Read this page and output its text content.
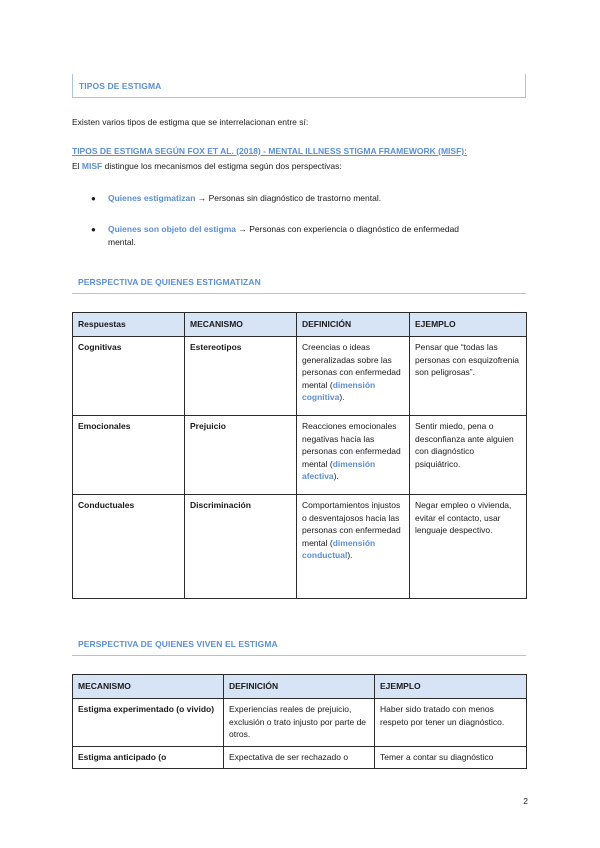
TIPOS DE ESTIGMA
Existen varios tipos de estigma que se interrelacionan entre sí:
TIPOS DE ESTIGMA SEGÚN FOX ET AL. (2018) - MENTAL ILLNESS STIGMA FRAMEWORK (MISF):
El MISF distingue los mecanismos del estigma según dos perspectivas:
● Quienes estigmatizan → Personas sin diagnóstico de trastorno mental.
● Quienes son objeto del estigma → Personas con experiencia o diagnóstico de enfermedad
mental.
PERSPECTIVA DE QUIENES ESTIGMATIZAN
Respuestas	MECANISMO	DEFINICIÓN	EJEMPLO
Cognitivas	Estereotipos	Creencias o ideas generalizadas sobre las personas con enfermedad mental (dimensión cognitiva).	Pensar que “todas las personas con esquizofrenia son peligrosas”.
Emocionales	Prejuicio	Reacciones emocionales negativas hacia las personas con enfermedad mental (dimensión afectiva).	Sentir miedo, pena o desconfianza ante alguien con diagnóstico psiquiátrico.
Conductuales	Discriminación	Comportamientos injustos o desventajosos hacia las personas con enfermedad mental (dimensión conductual).	Negar empleo o vivienda, evitar el contacto, usar lenguaje despectivo.
PERSPECTIVA DE QUIENES VIVEN EL ESTIGMA
MECANISMO	DEFINICIÓN	EJEMPLO
Estigma experimentado (o vivido)	Experiencias reales de prejuicio, exclusión o trato injusto por parte de otros.	Haber sido tratado con menos respeto por tener un diagnóstico.
Estigma anticipado (o	Expectativa de ser rechazado o	Temer a contar su diagnóstico
2
